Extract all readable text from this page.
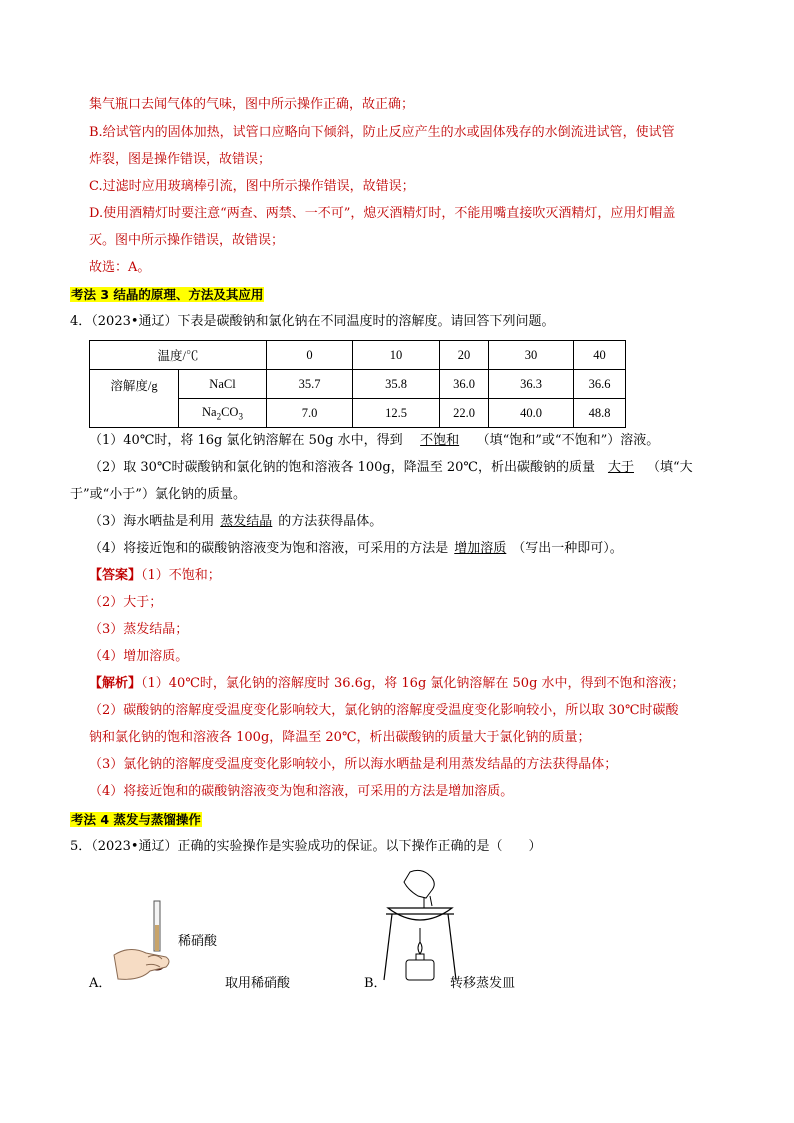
集气瓶口去闻气体的气味，图中所示操作正确，故正确；
B.给试管内的固体加热，试管口应略向下倾斜，防止反应产生的水或固体残存的水倒流进试管，使试管
炸裂，图是操作错误，故错误；
C.过滤时应用玻璃棒引流，图中所示操作错误，故错误；
D.使用酒精灯时要注意“两查、两禁、一不可”，熄灭酒精灯时，不能用嘴直接吹灭酒精灯，应用灯帽盖
灭。图中所示操作错误，故错误；
故选：A。
考法 3 结晶的原理、方法及其应用
4．（2023•通辽）下表是碳酸钠和氯化钠在不同温度时的溶解度。请回答下列问题。
温度/℃		0	10	20	30	40
溶解度/g	NaCl	35.7	35.8	36.0	36.3	36.6
	$Na_2CO_3$	7.0	12.5	22.0	40.0	48.8
（1）40℃时，将 16g 氯化钠溶解在 50g 水中，得到 不饱和 （填“饱和”或“不饱和”）溶液。
（2）取 30℃时碳酸钠和氯化钠的饱和溶液各 100g，降温至 20℃，析出碳酸钠的质量 大于 （填“大
于”或“小于”）氯化钠的质量。
（3）海水晒盐是利用 蒸发结晶 的方法获得晶体。
（4）将接近饱和的碳酸钠溶液变为饱和溶液，可采用的方法是 增加溶质 （写出一种即可）。
【答案】（1）不饱和；
（2）大于；
（3）蒸发结晶；
（4）增加溶质。
【解析】（1）40℃时，氯化钠的溶解度时 36.6g，将 16g 氯化钠溶解在 50g 水中，得到不饱和溶液；
（2）碳酸钠的溶解度受温度变化影响较大，氯化钠的溶解度受温度变化影响较小，所以取 30℃时碳酸
钠和氯化钠的饱和溶液各 100g，降温至 20℃，析出碳酸钠的质量大于氯化钠的质量；
（3）氯化钠的溶解度受温度变化影响较小，所以海水晒盐是利用蒸发结晶的方法获得晶体；
（4）将接近饱和的碳酸钠溶液变为饱和溶液，可采用的方法是增加溶质。
考法 4 蒸发与蒸馏操作
5．（2023•通辽）正确的实验操作是实验成功的保证。以下操作正确的是（　　）
稀硝酸
A．	取用稀硝酸	B．	转移蒸发皿
